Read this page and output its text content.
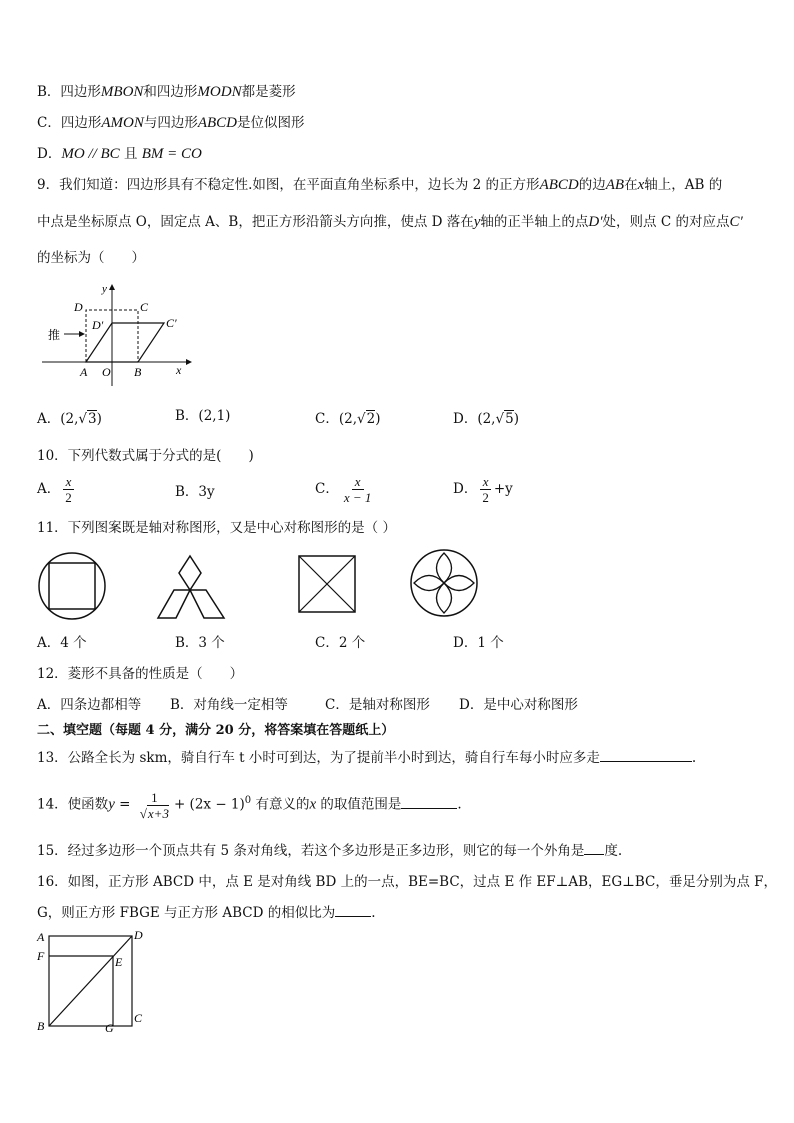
B．四边形MBON和四边形MODN都是菱形
C．四边形AMON与四边形ABCD是位似图形
D．MO // BC 且 BM = CO
9．我们知道：四边形具有不稳定性.如图，在平面直角坐标系中，边长为 2 的正方形ABCD的边AB在x轴上，AB 的
中点是坐标原点 O，固定点 A、B，把正方形沿箭头方向推，使点 D 落在y轴的正半轴上的点D′处，则点 C 的对应点C′
的坐标为（　　）
推
D	C
D′	C′
A O B	x
y
A．(2,√3)	B．(2,1)	C．(2,√2)	D．(2,√5)
10．下列代数式属于分式的是(　　)
A． $\frac{x}{2}$	B．3y	C． $\frac{x}{x - 1}$	D． $\frac{x}{2} +y$
11．下列图案既是轴对称图形，又是中心对称图形的是（ ）
A．4 个	B．3 个	C．2 个	D．1 个
12．菱形不具备的性质是（　　）
A．四条边都相等 B．对角线一定相等	C．是轴对称图形 D．是中心对称图形
二、填空题（每题 4 分，满分 20 分，将答案填在答题纸上）
13．公路全长为 skm，骑自行车 t 小时可到达，为了提前半小时到达，骑自行车每小时应多走	.
14．使函数$y = \frac{1}{√x+3} + (2x - 1)^0$ 有意义的x 的取值范围是	.
15．经过多边形一个顶点共有 5 条对角线，若这个多边形是正多边形，则它的每一个外角是 度.
16．如图，正方形 ABCD 中，点 E 是对角线 BD 上的一点，BE=BC，过点 E 作 EF⊥AB，EG⊥BC，垂足分别为点 F，
G，则正方形 FBGE 与正方形 ABCD 的相似比为	.
A	D
F	E
B	G
C
